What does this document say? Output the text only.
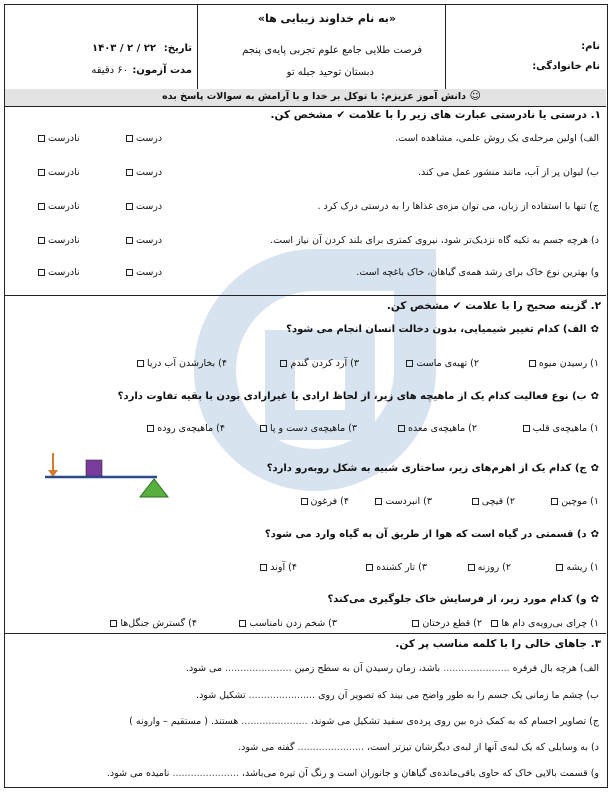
نام:
نام خانوادگی:
«به نام خداوند زیبایی ها»
فرصت طلایی جامع علوم تجربی پایه‌ی پنجم
دبستان توحید جبله تو
تاریخ:
۲۲ / ۲ / ۱۴۰۳
مدت آزمون:
۶۰ دقیقه
دانش آموز عزیزم: با توکل بر خدا و با آرامش به سوالات پاسخ بده ☺
۱. درستی یا نادرستی عبارت های زیر را با علامت ✔ مشخص کن.
الف) اولین مرحله‌ی یک روش علمی، مشاهده است.
درست
نادرست
ب) لیوان پر از آب، مانند منشور عمل می کند.
درست
نادرست
ج) تنها با استفاده از زبان، می توان مزه‌ی غذاها را به درستی درک کرد .
درست
نادرست
د) هرچه جسم به تکیه گاه نزدیک‌تر شود، نیروی کمتری برای بلند کردن آن نیاز است.
درست
نادرست
و) بهترین نوع خاک برای رشد همه‌ی گیاهان، خاک باغچه است.
درست
نادرست
۲. گزینه صحیح را با علامت ✔ مشخص کن.
✿الف) کدام تغییر شیمیایی، بدون دخالت انسان انجام می شود؟
۱) رسیدن میوه
۲) تهیه‌ی ماست
۳) آرد کردن گندم
۴) بخارشدن آب دریا
✿ب) نوع فعالیت کدام یک از ماهیچه های زیر، از لحاظ ارادی یا غیرارادی بودن با بقیه تفاوت دارد؟
۱) ماهیچه‌ی قلب
۲) ماهیچه‌ی معده
۳) ماهیچه‌ی دست و پا
۴) ماهیچه‌ی روده
✿ج) کدام یک از اهرم‌های زیر، ساختاری شبیه به شکل روبه‌رو دارد؟
۱) موچین
۲) قیچی
۳) انبردست
۴) فرغون
✿د) قسمتی در گیاه است که هوا از طریق آن به گیاه وارد می شود؟
۱) ریشه
۲) روزنه
۳) تار کشنده
۴) آوند
✿و) کدام مورد زیر، از فرسایش خاک جلوگیری می‌کند؟
۱) چرای بی‌رویه‌ی دام ها
۲) قطع درختان
۳) شخم زدن نامناسب
۴) گسترش جنگل‌ها
۳. جاهای خالی را با کلمه مناسب پر کن.
الف) هرچه بال فرفره ...................... باشد، زمان رسیدن آن به سطح زمین ...................... می شود.
ب) چشم ما زمانی یک جسم را به طور واضح می بیند که تصویر آن روی ...................... تشکیل شود.
ج) تصاویر اجسام که به کمک ذره بین روی پرده‌ی سفید تشکیل می شوند، ...................... هستند. ( مستقیم – وارونه )
د) به وسایلی که یک لبه‌ی آنها از لبه‌ی دیگرشان تیزتر است، ...................... گفته می شود.
و) قسمت بالایی خاک که حاوی باقی‌مانده‌ی گیاهان و جانوران است و رنگ آن تیره می‌باشد، ...................... نامیده می شود.
